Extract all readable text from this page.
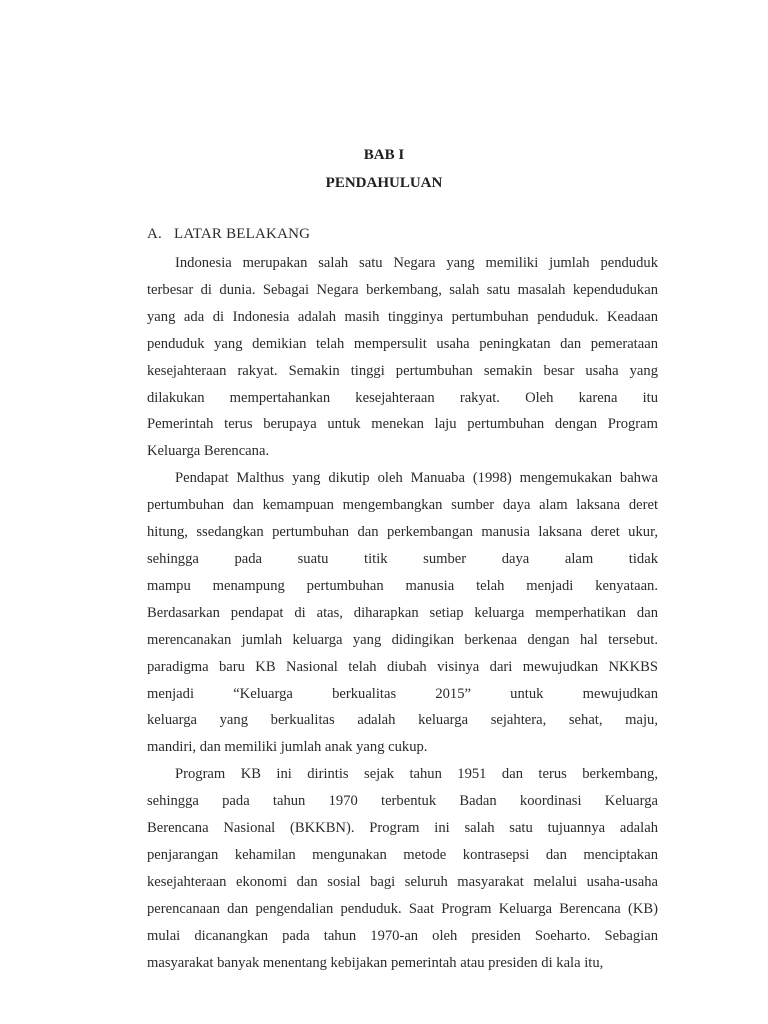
BAB I
PENDAHULUAN
A. LATAR BELAKANG

Indonesia merupakan salah satu Negara yang memiliki jumlah penduduk
terbesar di dunia. Sebagai Negara berkembang, salah satu masalah kependudukan
yang ada di Indonesia adalah masih tingginya pertumbuhan penduduk. Keadaan
penduduk yang demikian telah mempersulit usaha peningkatan dan pemerataan
kesejahteraan rakyat. Semakin tinggi pertumbuhan semakin besar usaha yang
dilakukan mempertahankan kesejahteraan rakyat. Oleh karena itu
Pemerintah terus berupaya untuk menekan laju pertumbuhan dengan Program
Keluarga Berencana.

Pendapat Malthus yang dikutip oleh Manuaba (1998) mengemukakan bahwa
pertumbuhan dan kemampuan mengembangkan sumber daya alam laksana deret
hitung, ssedangkan pertumbuhan dan perkembangan manusia laksana deret ukur,
sehingga pada suatu titik sumber daya alam tidak
mampu menampung pertumbuhan manusia telah menjadi kenyataan.
Berdasarkan pendapat di atas, diharapkan setiap keluarga memperhatikan dan
merencanakan jumlah keluarga yang didingikan berkenaa dengan hal tersebut.
paradigma baru KB Nasional telah diubah visinya dari mewujudkan NKKBS
menjadi “Keluarga berkualitas 2015” untuk mewujudkan
keluarga yang berkualitas adalah keluarga sejahtera, sehat, maju,
mandiri, dan memiliki jumlah anak yang cukup.

Program KB ini dirintis sejak tahun 1951 dan terus berkembang,
sehingga pada tahun 1970 terbentuk Badan koordinasi Keluarga
Berencana Nasional (BKKBN). Program ini salah satu tujuannya adalah
penjarangan kehamilan mengunakan metode kontrasepsi dan menciptakan
kesejahteraan ekonomi dan sosial bagi seluruh masyarakat melalui usaha-usaha
perencanaan dan pengendalian penduduk. Saat Program Keluarga Berencana (KB)
mulai dicanangkan pada tahun 1970-an oleh presiden Soeharto. Sebagian
masyarakat banyak menentang kebijakan pemerintah atau presiden di kala itu,
